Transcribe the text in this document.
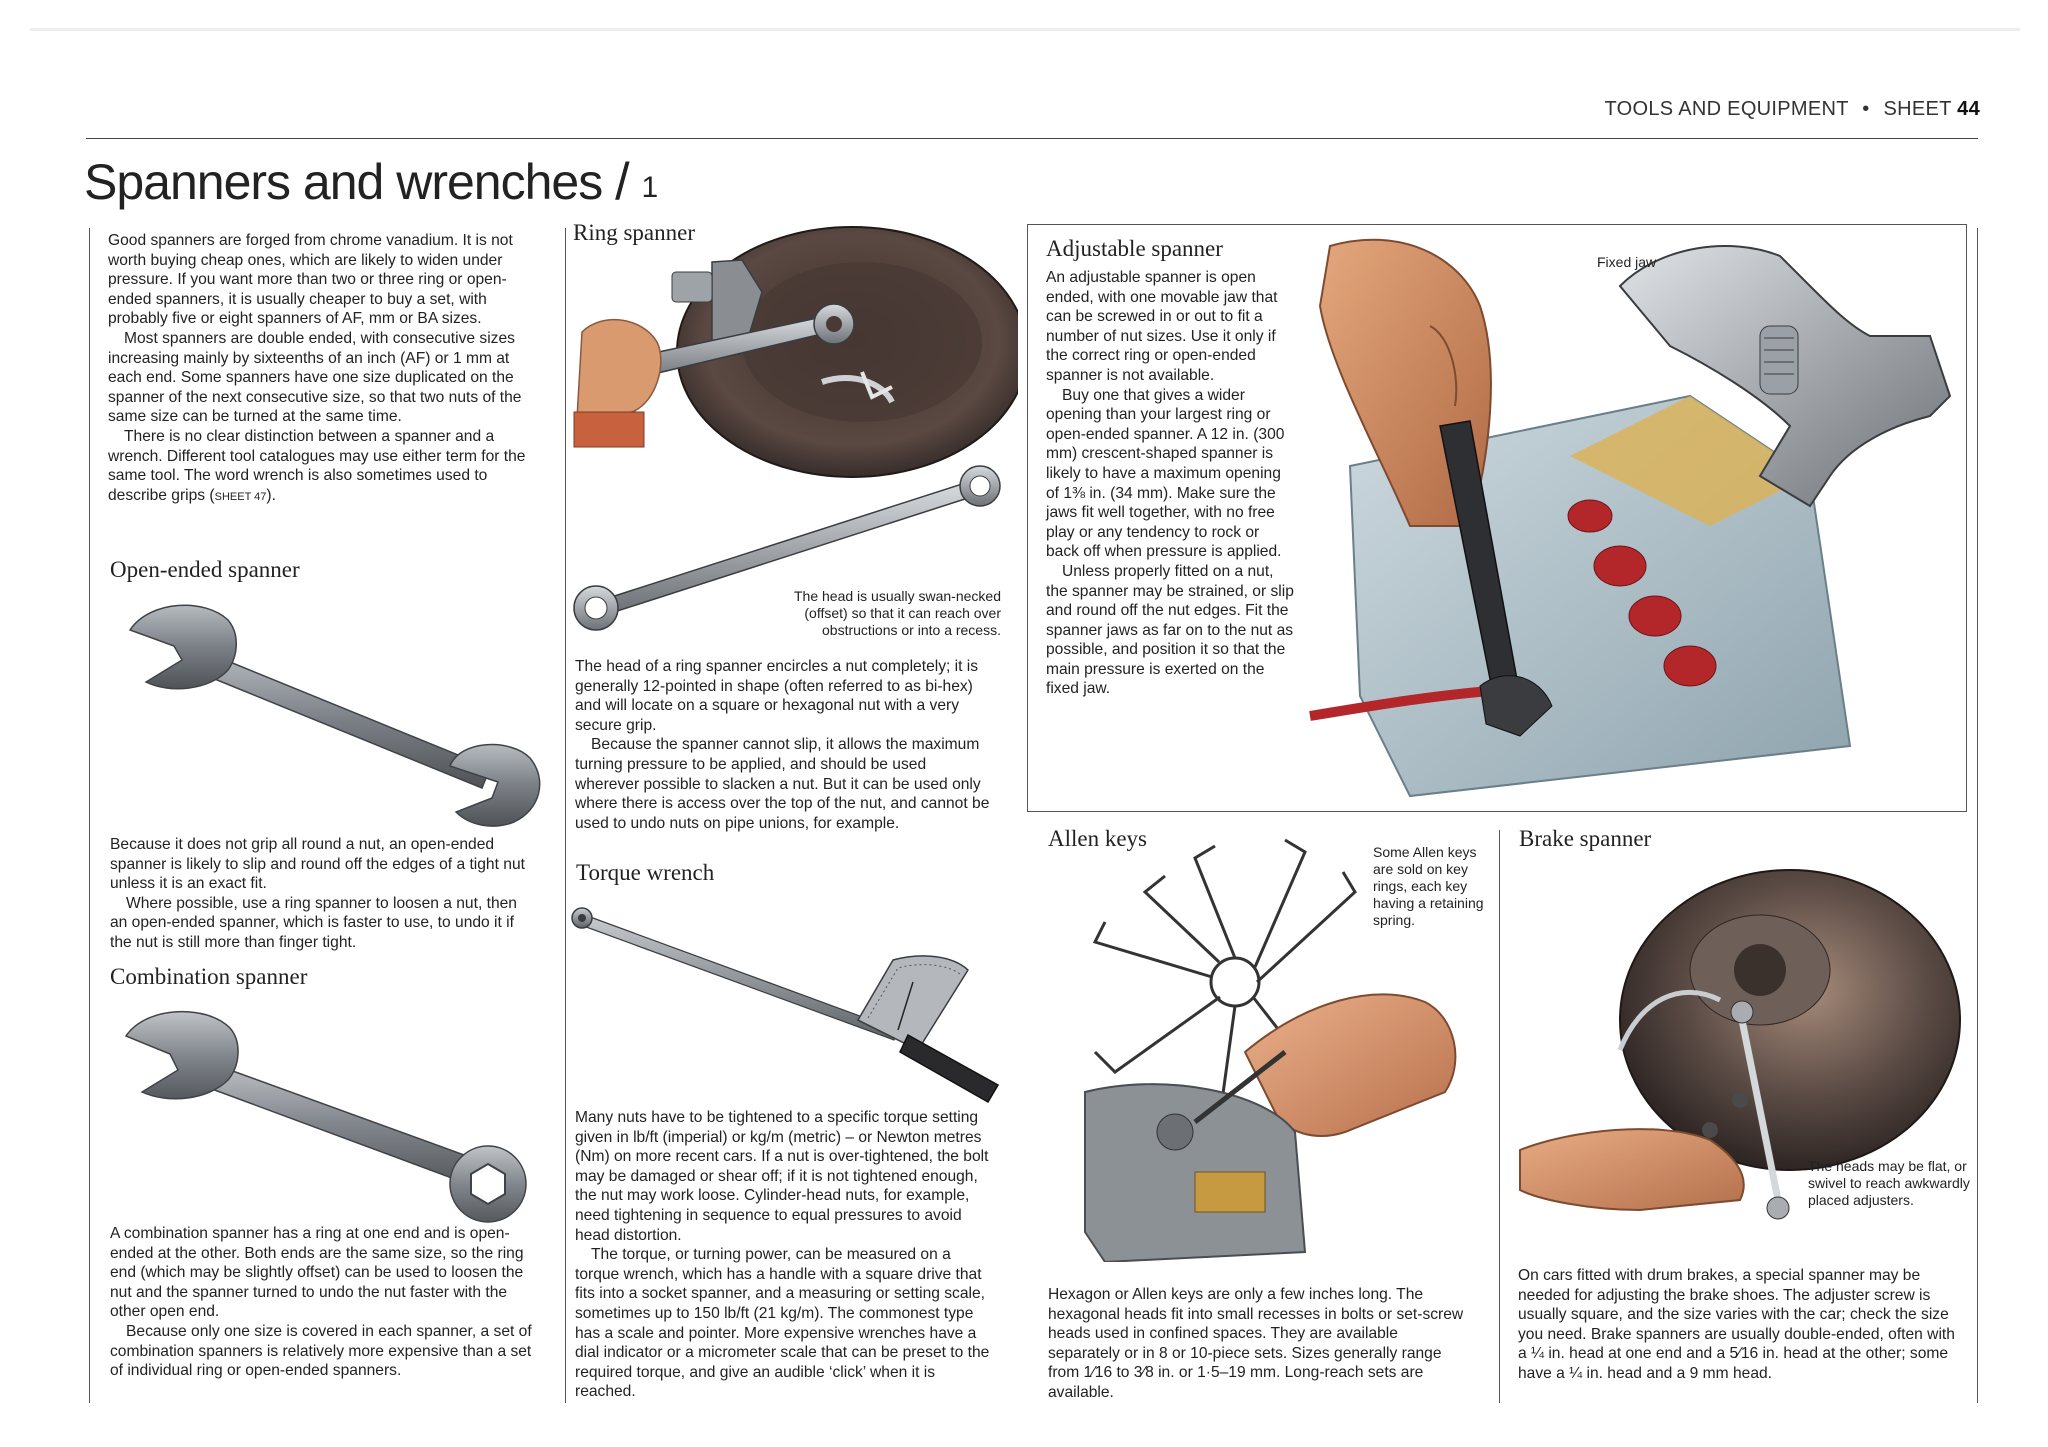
TOOLS AND EQUIPMENT • SHEET 44
Spanners and wrenches / 1

Good spanners are forged from chrome vanadium. It is not worth buying cheap ones, which are likely to widen under pressure. If you want more than two or three ring or open-ended spanners, it is usually cheaper to buy a set, with probably five or eight spanners of AF, mm or BA sizes.

Most spanners are double ended, with consecutive sizes increasing mainly by sixteenths of an inch (AF) or 1 mm at each end. Some spanners have one size duplicated on the spanner of the next consecutive size, so that two nuts of the same size can be turned at the same time.

There is no clear distinction between a spanner and a wrench. Different tool catalogues may use either term for the same tool. The word wrench is also sometimes used to describe grips (SHEET 47).

Open-ended spanner

Because it does not grip all round a nut, an open-ended spanner is likely to slip and round off the edges of a tight nut unless it is an exact fit.

Where possible, use a ring spanner to loosen a nut, then an open-ended spanner, which is faster to use, to undo it if the nut is still more than finger tight.

Combination spanner

A combination spanner has a ring at one end and is open-ended at the other. Both ends are the same size, so the ring end (which may be slightly offset) can be used to loosen the nut and the spanner turned to undo the nut faster with the other open end.

Because only one size is covered in each spanner, a set of combination spanners is relatively more expensive than a set of individual ring or open-ended spanners.

Ring spanner
The head is usually swan-necked (offset) so that it can reach over obstructions or into a recess.

The head of a ring spanner encircles a nut completely; it is generally 12-pointed in shape (often referred to as bi-hex) and will locate on a square or hexagonal nut with a very secure grip.

Because the spanner cannot slip, it allows the maximum turning pressure to be applied, and should be used wherever possible to slacken a nut. But it can be used only where there is access over the top of the nut, and cannot be used to undo nuts on pipe unions, for example.

Torque wrench

Many nuts have to be tightened to a specific torque setting given in lb/ft (imperial) or kg/m (metric) – or Newton metres (Nm) on more recent cars. If a nut is over-tightened, the bolt may be damaged or shear off; if it is not tightened enough, the nut may work loose. Cylinder-head nuts, for example, need tightening in sequence to equal pressures to avoid head distortion.

The torque, or turning power, can be measured on a torque wrench, which has a handle with a square drive that fits into a socket spanner, and a measuring or setting scale, sometimes up to 150 lb/ft (21 kg/m). The commonest type has a scale and pointer. More expensive wrenches have a dial indicator or a micrometer scale that can be preset to the required torque, and give an audible ‘click’ when it is reached.

Adjustable spanner

An adjustable spanner is open ended, with one movable jaw that can be screwed in or out to fit a number of nut sizes. Use it only if the correct ring or open-ended spanner is not available.

Buy one that gives a wider opening than your largest ring or open-ended spanner. A 12 in. (300 mm) crescent-shaped spanner is likely to have a maximum opening of 1⅜ in. (34 mm). Make sure the jaws fit well together, with no free play or any tendency to rock or back off when pressure is applied.

Unless properly fitted on a nut, the spanner may be strained, or slip and round off the nut edges. Fit the spanner jaws as far on to the nut as possible, and position it so that the main pressure is exerted on the fixed jaw.

Fixed jaw
Allen keys
Some Allen keys are sold on key rings, each key having a retaining spring.

Hexagon or Allen keys are only a few inches long. The hexagonal heads fit into small recesses in bolts or set-screw heads used in confined spaces. They are available separately or in 8 or 10-piece sets. Sizes generally range from 1⁄16 to 3⁄8 in. or 1·5–19 mm. Long-reach sets are available.

Brake spanner
The heads may be flat, or swivel to reach awkwardly placed adjusters.

On cars fitted with drum brakes, a special spanner may be needed for adjusting the brake shoes. The adjuster screw is usually square, and the size varies with the car; check the size you need. Brake spanners are usually double-ended, often with a ¼ in. head at one end and a 5⁄16 in. head at the other; some have a ¼ in. head and a 9 mm head.
